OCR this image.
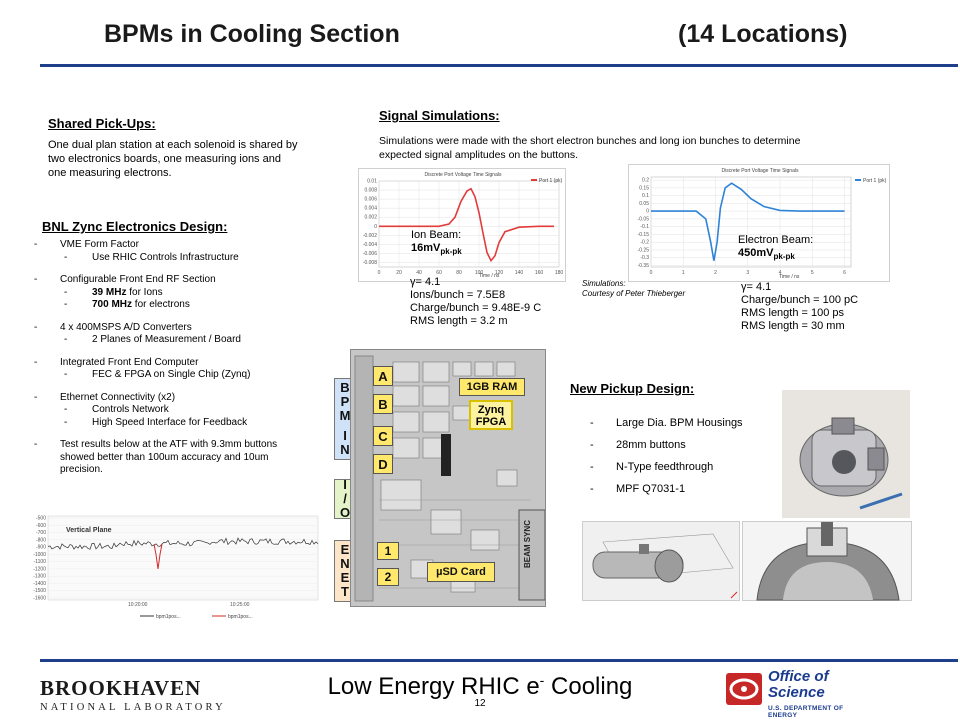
BPMs in Cooling Section	(14 Locations)
Shared Pick-Ups:
One dual plan station at each solenoid is shared by two electronics boards, one measuring ions and one measuring electrons.
BNL Zync Electronics Design:
- VME Form Factor
- Use RHIC Controls Infrastructure
- Configurable Front End RF Section
- 39 MHz for Ions
- 700 MHz for electrons
- 4 x 400MSPS A/D Converters
- 2 Planes of Measurement / Board
- Integrated Front End Computer
- FEC & FPGA on Single Chip (Zynq)
- Ethernet Connectivity (x2)
- Controls Network
- High Speed Interface for Feedback
- Test results below at the ATF with 9.3mm buttons showed better than 100um accuracy and 10um precision.
-500
-600
-700
-800
-900
-1000
-1100
-1200
-1300
-1400
-1500
-1600
Vertical Plane
10:20:00	10:25:00
bpm1pos...	bpm1pos...
Signal Simulations:
Simulations were made with the short electron bunches and long ion bunches to determine expected signal amplitudes on the buttons.
Discrete Port Voltage Time Signals
0.01
0.008
0.006
0.004
0.002
0
-0.002
-0.004
-0.006
-0.008
0	20	40	60	80	100 120 140 160 180
Port 1 (pk)
Time / ns
Discrete Port Voltage Time Signals
0.2
0.15
0.1
0.05
0
-0.05
-0.1
-0.15
-0.2
-0.25
-0.3
-0.35
0	1	2	3	4	5	6
Port 1 (pk)
Time / ns
Ion Beam:
$16mV_{pk-pk}$
Electron Beam:
$450mV_{pk-pk}$
γ= 4.1
Ions/bunch = 7.5E8
Charge/bunch = 9.48E-9 C
RMS length = 3.2 m
Simulations:
Courtesy of Peter Thieberger
γ= 4.1
Charge/bunch = 100 pC
RMS length = 100 ps
RMS length = 30 mm
B
P
M
I
N
I
/
O
E
N
E
T
A
B
C
D
1GB RAM
Zynq
FPGA
1
2	µSD Card
BEAM SYNC
New Pickup Design:
- Large Dia. BPM Housings
- 28mm buttons
- N-Type feedthrough
- MPF Q7031-1
BROOKHAVEN
NATIONAL LABORATORY
Low Energy RHIC e- Cooling
12
Office of
Science
U.S. DEPARTMENT OF ENERGY
